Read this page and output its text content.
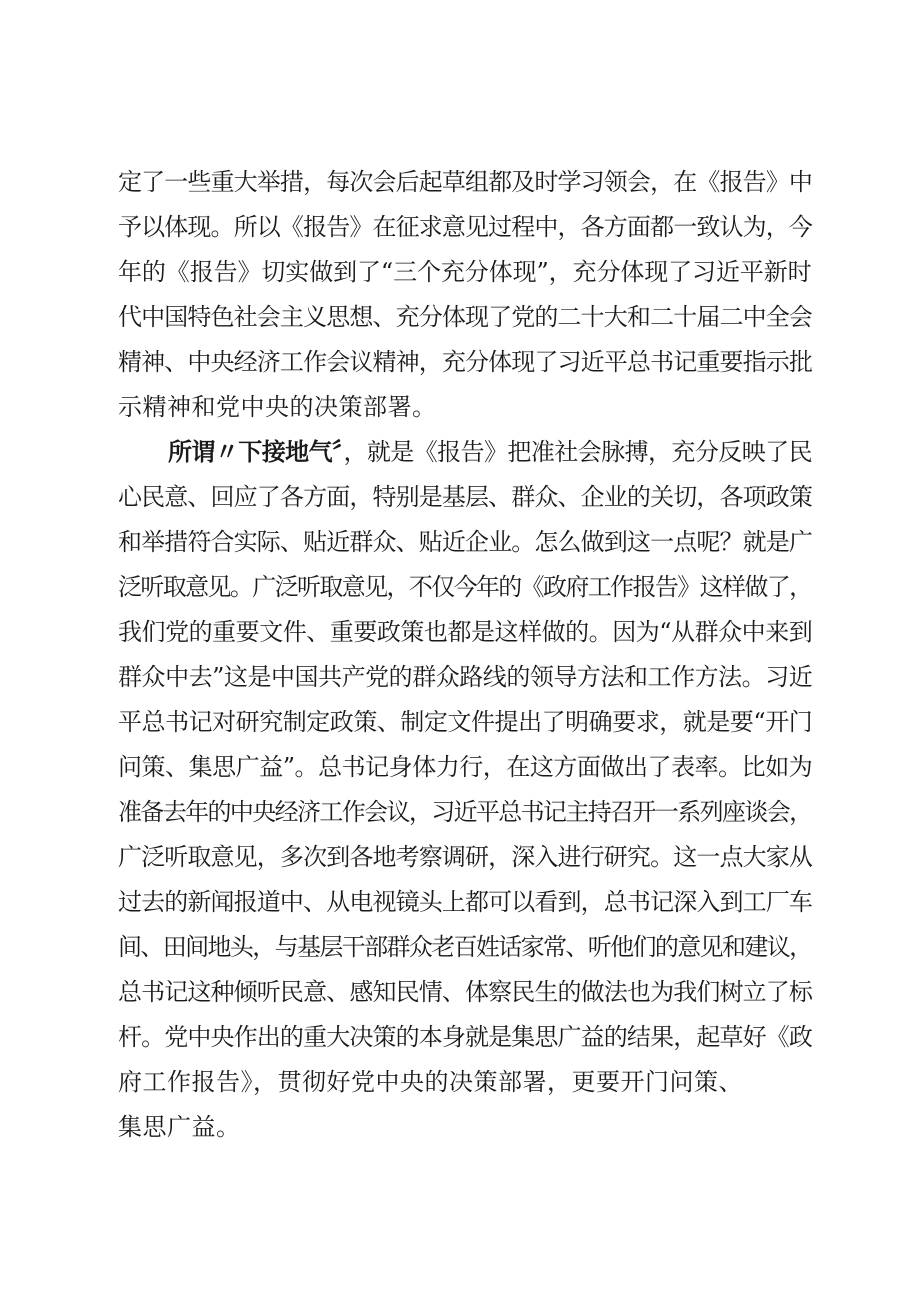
定了一些重大举措，每次会后起草组都及时学习领会，在《报告》中
予以体现。所以《报告》在征求意见过程中，各方面都一致认为，今
年的《报告》切实做到了“三个充分体现”，充分体现了习近平新时
代中国特色社会主义思想、充分体现了党的二十大和二十届二中全会
精神、中央经济工作会议精神，充分体现了习近平总书记重要指示批
示精神和党中央的决策部署。
所谓〃下接地气〞，就是《报告》把准社会脉搏，充分反映了民
心民意、回应了各方面，特别是基层、群众、企业的关切，各项政策
和举措符合实际、贴近群众、贴近企业。怎么做到这一点呢？就是广
泛听取意见。广泛听取意见，不仅今年的《政府工作报告》这样做了，
我们党的重要文件、重要政策也都是这样做的。因为“从群众中来到
群众中去”这是中国共产党的群众路线的领导方法和工作方法。习近
平总书记对研究制定政策、制定文件提出了明确要求，就是要“开门
问策、集思广益”。总书记身体力行，在这方面做出了表率。比如为
准备去年的中央经济工作会议，习近平总书记主持召开一系列座谈会，
广泛听取意见，多次到各地考察调研，深入进行研究。这一点大家从
过去的新闻报道中、从电视镜头上都可以看到，总书记深入到工厂车
间、田间地头，与基层干部群众老百姓话家常、听他们的意见和建议，
总书记这种倾听民意、感知民情、体察民生的做法也为我们树立了标
杆。党中央作出的重大决策的本身就是集思广益的结果，起草好《政
府工作报告》，贯彻好党中央的决策部署，更要开门问策、
集思广益。
